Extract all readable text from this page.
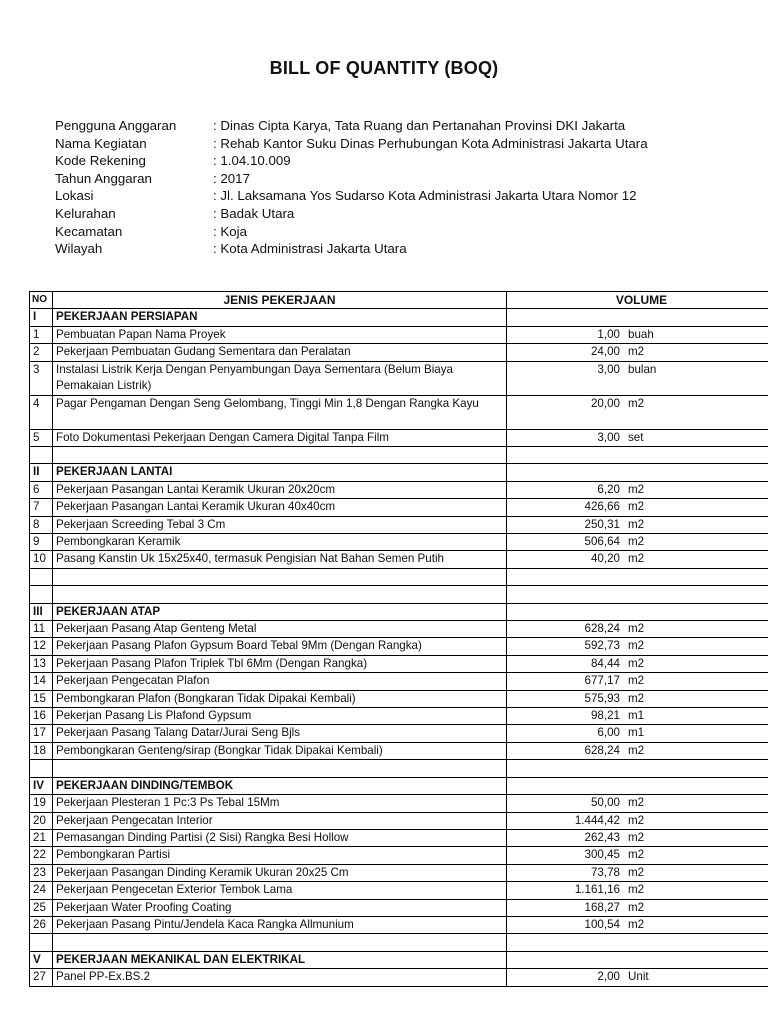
BILL OF QUANTITY (BOQ)
Pengguna Anggaran	: Dinas Cipta Karya, Tata Ruang dan Pertanahan Provinsi DKI Jakarta
Nama Kegiatan	: Rehab Kantor Suku Dinas Perhubungan Kota Administrasi Jakarta Utara
Kode Rekening	: 1.04.10.009
Tahun Anggaran	: 2017
Lokasi	: Jl. Laksamana Yos Sudarso Kota Administrasi Jakarta Utara Nomor 12
Kelurahan	: Badak Utara
Kecamatan	: Koja
Wilayah	: Kota Administrasi Jakarta Utara
NO	JENIS PEKERJAAN	VOLUME
I	PEKERJAAN PERSIAPAN	
1	Pembuatan Papan Nama Proyek	1,00 buah

2	Pekerjaan Pembuatan Gudang Sementara dan Peralatan	24,00 m2

3	Instalasi Listrik Kerja Dengan Penyambungan Daya Sementara (Belum Biaya Pemakaian Listrik)	3,00 bulan

4	Pagar Pengaman Dengan Seng Gelombang, Tinggi Min 1,8 Dengan Rangka Kayu	20,00 m2

5	Foto Dokumentasi Pekerjaan Dengan Camera Digital Tanpa Film	3,00 set

II	PEKERJAAN LANTAI	
6	Pekerjaan Pasangan Lantai Keramik Ukuran 20x20cm	6,20 m2

7	Pekerjaan Pasangan Lantai Keramik Ukuran 40x40cm	426,66 m2

8	Pekerjaan Screeding Tebal 3 Cm	250,31 m2

9	Pembongkaran Keramik	506,64 m2

10	Pasang Kanstin Uk 15x25x40, termasuk Pengisian Nat Bahan Semen Putih	40,20 m2

III	PEKERJAAN ATAP	
11	Pekerjaan Pasang Atap Genteng Metal	628,24 m2

12	Pekerjaan Pasang Plafon Gypsum Board Tebal 9Mm (Dengan Rangka)	592,73 m2

13	Pekerjaan Pasang Plafon Triplek Tbl 6Mm (Dengan Rangka)	84,44 m2

14	Pekerjaan Pengecatan Plafon	677,17 m2

15	Pembongkaran Plafon (Bongkaran Tidak Dipakai Kembali)	575,93 m2

16	Pekerjan Pasang Lis Plafond Gypsum	98,21 m1

17	Pekerjaan Pasang Talang Datar/Jurai Seng Bjls	6,00 m1

18	Pembongkaran Genteng/sirap (Bongkar Tidak Dipakai Kembali)	628,24 m2

IV	PEKERJAAN DINDING/TEMBOK	
19	Pekerjaan Plesteran 1 Pc:3 Ps Tebal 15Mm	50,00 m2

20	Pekerjaan Pengecatan Interior	1.444,42 m2

21	Pemasangan Dinding Partisi (2 Sisi) Rangka Besi Hollow	262,43 m2

22	Pembongkaran Partisi	300,45 m2

23	Pekerjaan Pasangan Dinding Keramik Ukuran 20x25 Cm	73,78 m2

24	Pekerjaan Pengecetan Exterior Tembok Lama	1.161,16 m2

25	Pekerjaan Water Proofing Coating	168,27 m2

26	Pekerjaan Pasang Pintu/Jendela Kaca Rangka Allmunium	100,54 m2

V	PEKERJAAN MEKANIKAL DAN ELEKTRIKAL	
27	Panel PP-Ex.BS.2	2,00 Unit
